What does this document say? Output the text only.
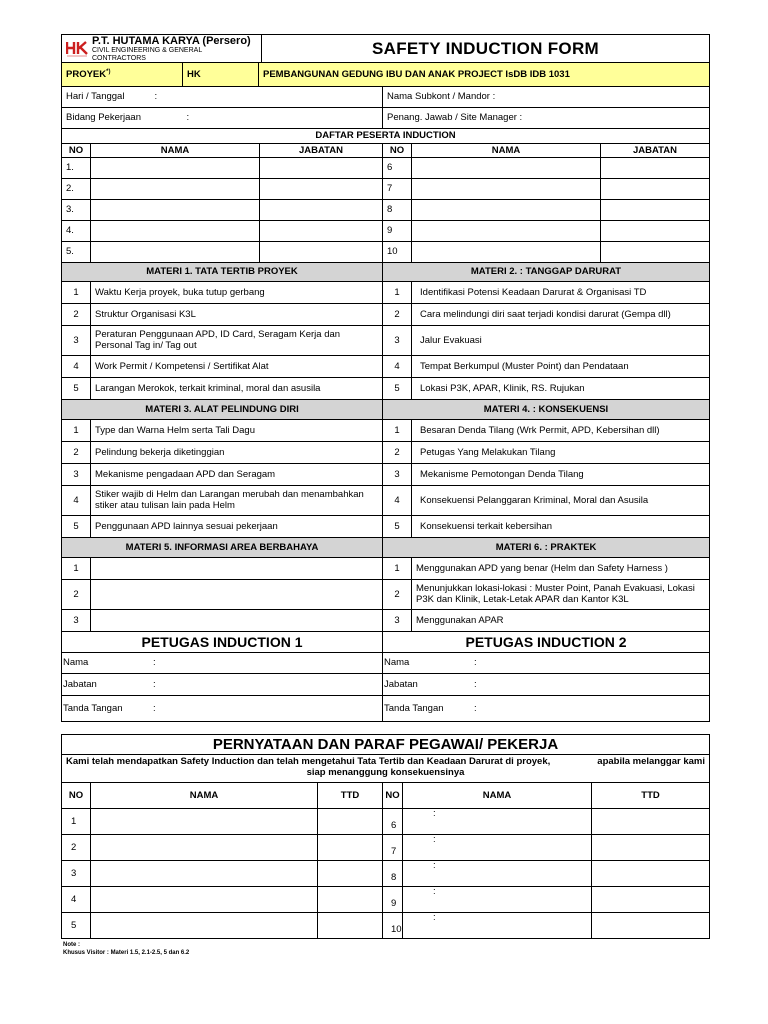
P.T. HUTAMA KARYA (Persero)
CIVIL ENGINEERING & GENERAL CONTRACTORS
	SAFETY INDUCTION FORM
PROYEK*)	HK	PEMBANGUNAN GEDUNG IBU DAN ANAK PROJECT IsDB IDB 1031
Hari / Tanggal	:	Nama Subkont / Mandor :
Bidang Pekerjaan	:	Penang. Jawab / Site Manager :
DAFTAR PESERTA INDUCTION					
NO	NAMA	JABATAN	NO	NAMA	JABATAN
1.			6		
2.			7		
3.			8		
4.			9		
5.			10		
MATERI 1. TATA TERTIB PROYEK		MATERI 2. : TANGGAP DARURAT	
1	Waktu Kerja proyek, buka tutup gerbang	1	Identifikasi Potensi Keadaan Darurat & Organisasi TD
2	Struktur Organisasi K3L	2	Cara melindungi diri saat terjadi kondisi darurat (Gempa dll)
3	Peraturan Penggunaan APD, ID Card, Seragam Kerja dan Personal Tag in/ Tag out	3	Jalur Evakuasi
4	Work Permit / Kompetensi / Sertifikat Alat	4	Tempat Berkumpul (Muster Point) dan Pendataan
5	Larangan Merokok, terkait kriminal, moral dan asusila	5	Lokasi P3K, APAR, Klinik, RS. Rujukan
MATERI 3. ALAT PELINDUNG DIRI		MATERI 4. : KONSEKUENSI	
1	Type dan Warna Helm serta Tali Dagu	1	Besaran Denda Tilang (Wrk Permit, APD, Kebersihan dll)
2	Pelindung bekerja diketinggian	2	Petugas Yang Melakukan Tilang
3	Mekanisme pengadaan APD dan Seragam	3	Mekanisme Pemotongan Denda Tilang
4	Stiker wajib di Helm dan Larangan merubah dan menambahkan stiker atau tulisan lain pada Helm	4	Konsekuensi Pelanggaran Kriminal, Moral dan Asusila
5	Penggunaan APD lainnya sesuai pekerjaan	5	Konsekuensi terkait kebersihan
MATERI 5. INFORMASI AREA BERBAHAYA		MATERI 6. : PRAKTEK	
1		1	Menggunakan APD yang benar (Helm dan Safety Harness )
2		2	Menunjukkan lokasi-lokasi : Muster Point, Panah Evakuasi, Lokasi P3K dan Klinik, Letak-Letak APAR dan Kantor K3L
3		3	Menggunakan APAR
PETUGAS INDUCTION 1	PETUGAS INDUCTION 2
Nama :	Nama :
Jabatan :	Jabatan :
Tanda Tangan :	Tanda Tangan :
PERNYATAAN DAN PARAF PEGAWAI/ PEKERJA					

Kami telah mendapatkan Safety Induction dan telah mengetahui Tata Tertib dan Keadaan Darurat di proyek, apabila melanggar kami
siap menanggung konsekuensinya					

NO	NAMA	TTD	NO	NAMA	TTD
1			6	:	
2			7	:	
3			8	:	
4			9	:	
5			10	:	
Note :
Khusus Visitor : Materi 1.5, 2.1-2.5, 5 dan 6.2
